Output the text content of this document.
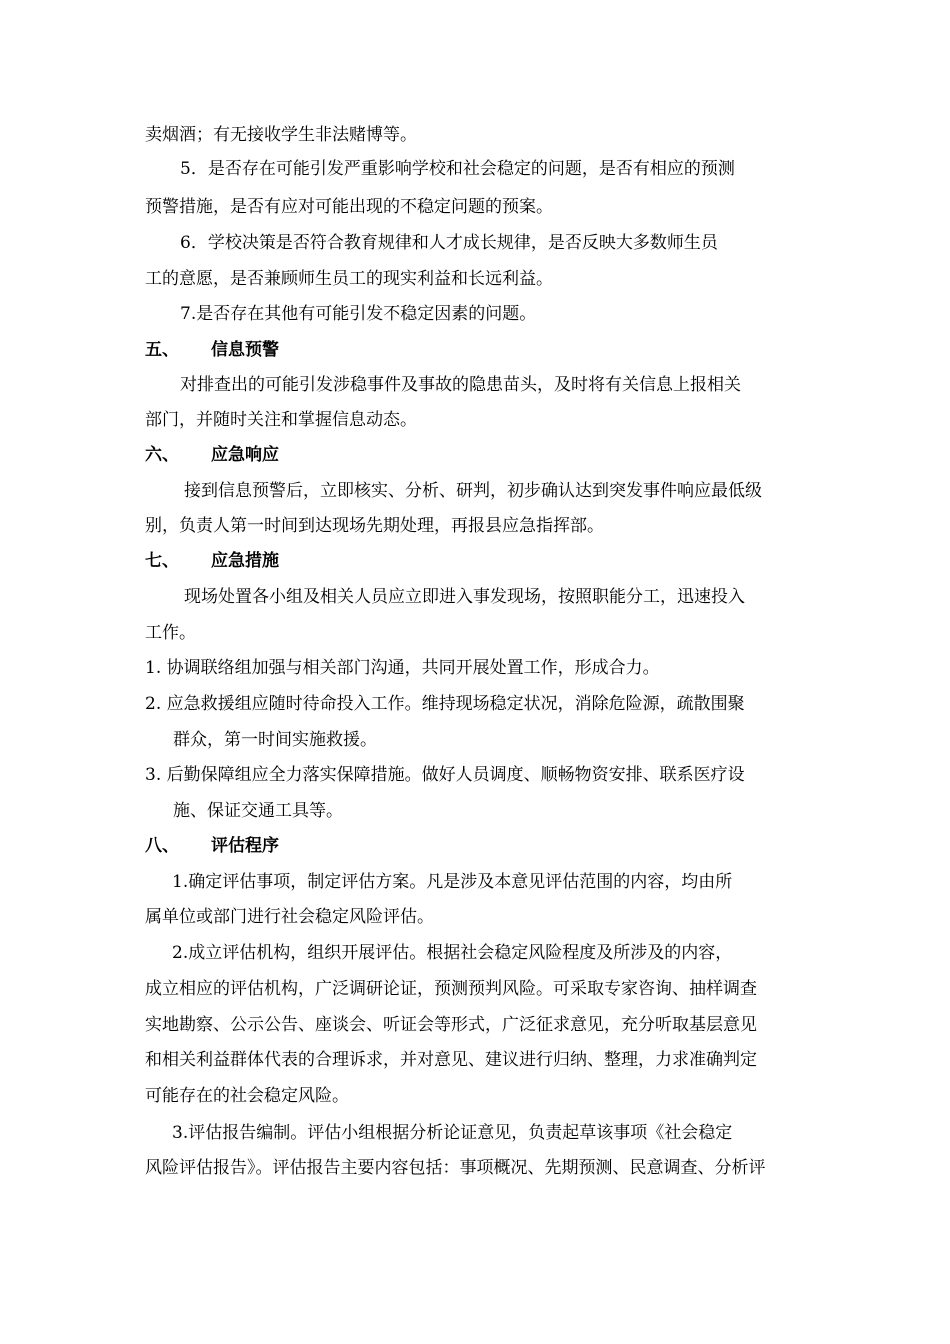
卖烟酒；有无接收学生非法赌博等。
5．是否存在可能引发严重影响学校和社会稳定的问题，是否有相应的预测
预警措施，是否有应对可能出现的不稳定问题的预案。
6．学校决策是否符合教育规律和人才成长规律，是否反映大多数师生员
工的意愿，是否兼顾师生员工的现实利益和长远利益。
7.是否存在其他有可能引发不稳定因素的问题。
五、 信息预警
对排查出的可能引发涉稳事件及事故的隐患苗头，及时将有关信息上报相关
部门，并随时关注和掌握信息动态。
六、 应急响应
接到信息预警后，立即核实、分析、研判，初步确认达到突发事件响应最低级
别，负责人第一时间到达现场先期处理，再报县应急指挥部。
七、 应急措施
现场处置各小组及相关人员应立即进入事发现场，按照职能分工，迅速投入
工作。
1. 协调联络组加强与相关部门沟通，共同开展处置工作，形成合力。
2. 应急救援组应随时待命投入工作。维持现场稳定状况，消除危险源，疏散围聚
群众，第一时间实施救援。
3. 后勤保障组应全力落实保障措施。做好人员调度、顺畅物资安排、联系医疗设
施、保证交通工具等。
八、 评估程序
1.确定评估事项，制定评估方案。凡是涉及本意见评估范围的内容，均由所
属单位或部门进行社会稳定风险评估。
2.成立评估机构，组织开展评估。根据社会稳定风险程度及所涉及的内容，
成立相应的评估机构，广泛调研论证，预测预判风险。可采取专家咨询、抽样调查
实地勘察、公示公告、座谈会、听证会等形式，广泛征求意见，充分听取基层意见
和相关利益群体代表的合理诉求，并对意见、建议进行归纳、整理，力求准确判定
可能存在的社会稳定风险。
3.评估报告编制。评估小组根据分析论证意见，负责起草该事项《社会稳定
风险评估报告》。评估报告主要内容包括：事项概况、先期预测、民意调查、分析评
